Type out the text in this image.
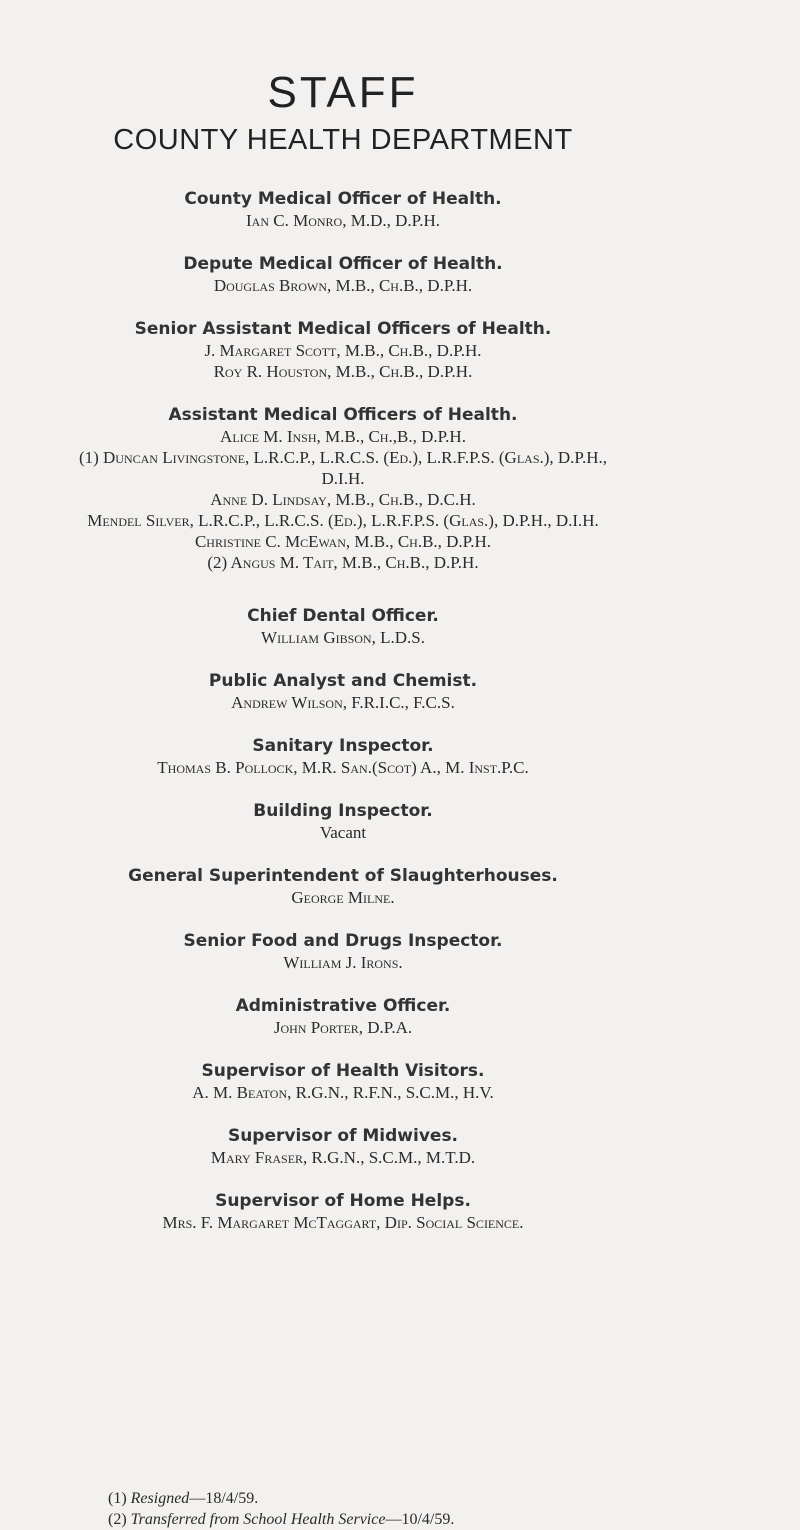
STAFF
COUNTY HEALTH DEPARTMENT
County Medical Officer of Health.
Ian C. Monro, M.D., D.P.H.
Depute Medical Officer of Health.
Douglas Brown, M.B., Ch.B., D.P.H.
Senior Assistant Medical Officers of Health.
J. Margaret Scott, M.B., Ch.B., D.P.H.
Roy R. Houston, M.B., Ch.B., D.P.H.
Assistant Medical Officers of Health.
Alice M. Insh, M.B., Ch.,B., D.P.H.
(1) Duncan Livingstone, L.R.C.P., L.R.C.S. (Ed.), L.R.F.P.S. (Glas.), D.P.H.,
D.I.H.
Anne D. Lindsay, M.B., Ch.B., D.C.H.
Mendel Silver, L.R.C.P., L.R.C.S. (Ed.), L.R.F.P.S. (Glas.), D.P.H., D.I.H.
Christine C. McEwan, M.B., Ch.B., D.P.H.
(2) Angus M. Tait, M.B., Ch.B., D.P.H.
Chief Dental Officer.
William Gibson, L.D.S.
Public Analyst and Chemist.
Andrew Wilson, F.R.I.C., F.C.S.
Sanitary Inspector.
Thomas B. Pollock, M.R. San.(Scot) A., M. Inst.P.C.
Building Inspector.
Vacant
General Superintendent of Slaughterhouses.
George Milne.
Senior Food and Drugs Inspector.
William J. Irons.
Administrative Officer.
John Porter, D.P.A.
Supervisor of Health Visitors.
A. M. Beaton, R.G.N., R.F.N., S.C.M., H.V.
Supervisor of Midwives.
Mary Fraser, R.G.N., S.C.M., M.T.D.
Supervisor of Home Helps.
Mrs. F. Margaret McTaggart, Dip. Social Science.
(1) Resigned—18/4/59.
(2) Transferred from School Health Service—10/4/59.
